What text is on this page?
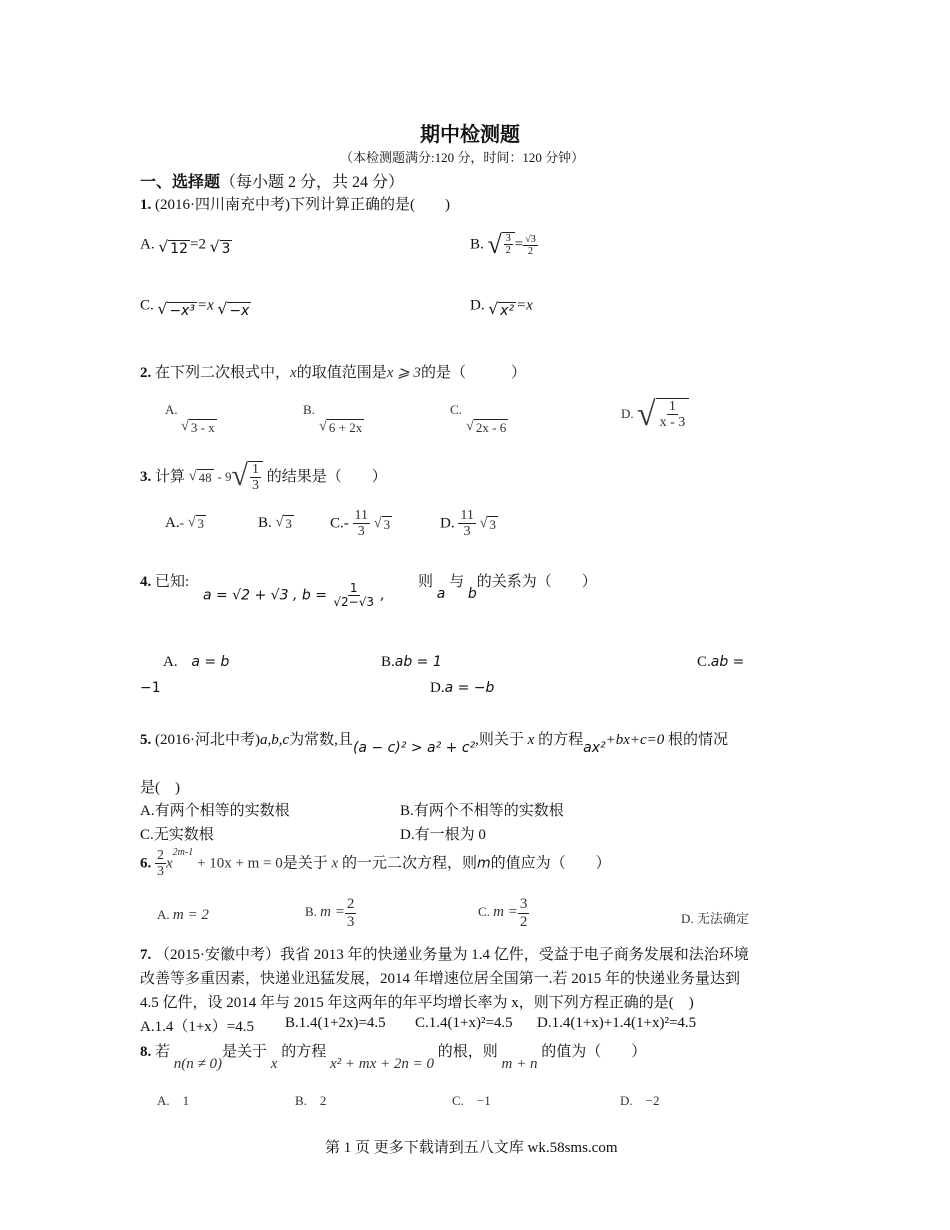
期中检测题
（本检测题满分:120 分，时间：120 分钟）
一、选择题（每小题 2 分，共 24 分）
1. (2016·四川南充中考)下列计算正确的是(　　)
A. √ 12 =2 √ 3	B. √ $\frac{3}{2} = \frac{√3}{2}$
C. √ −x³ =x √ −x	D. √ x² =x
2. 在下列二次根式中，x的取值范围是x ⩾ 3的是（　　　）
A.

√ 3 - x
B.

√ 6 + 2x
C.

√ 2x - 6
D. √ $\frac{1}{x - 3}$
3. 计算 √ 48 - 9 √ $\frac{1}{3}$ 的结果是（　　）
A.- √ 3	B. √ 3	$C.- \frac{11}{3}$
√ 3	D. $\frac{11}{3}$
√ 3
4. 已知:
a = √2 + √3 , $b = \frac{1}{√2-√3}$ ,
则 a 与 b的关系为（　　）
A. a = b	B.ab = 1	C.ab =
−1	D.a = −b
5. (2016·河北中考)a,b,c为常数,且(a − c)² > a² + c²,则关于 x 的方程ax²+bx+c=0 根的情况
是(　)
A.有两个相等的实数根	B.有两个不相等的实数根
C.无实数根	D.有一根为 0
6. $\frac{2}{3} x^{2m-1} + 10x + m = 0$是关于 x 的一元二次方程，则m的值应为（　　）
A. m = 2	B. $m = \frac{2}{3}$	C. $m = \frac{3}{2}$	D. 无法确定
7. （2015·安徽中考）我省 2013 年的快递业务量为 1.4 亿件，受益于电子商务发展和法治环境
改善等多重因素，快递业迅猛发展，2014 年增速位居全国第一.若 2015 年的快递业务量达到
4.5 亿件，设 2014 年与 2015 年这两年的年平均增长率为 x，则下列方程正确的是(　)
A.1.4（1+x）=4.5 B.1.4(1+2x)=4.5 C.1.4(1+x)²=4.5 D.1.4(1+x)+1.4(1+x)²=4.5
8. 若 n(n ≠ 0)是关于 x 的方程 x² + mx + 2n = 0 的根，则 m + n 的值为（　　）
A.　1	B.　2	C.　−1	D.　−2
第 1 页 更多下载请到五八文库 wk.58sms.com
